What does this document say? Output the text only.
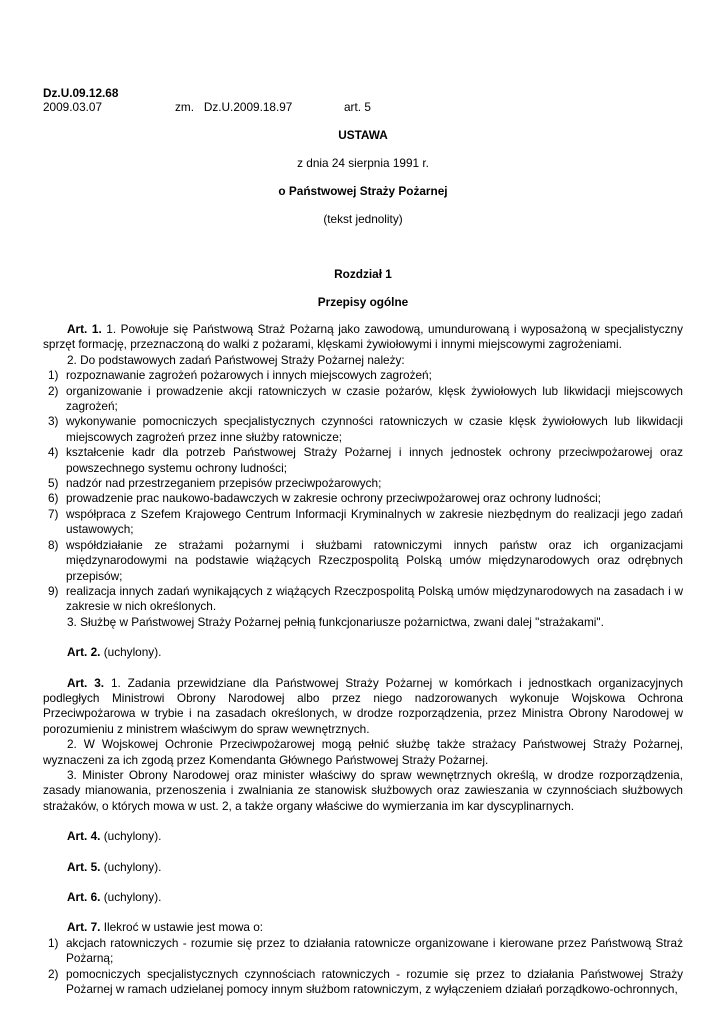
Dz.U.09.12.68
2009.03.07	zm.   Dz.U.2009.18.97	art. 5
USTAWA
z dnia 24 sierpnia 1991 r.
o Państwowej Straży Pożarnej
(tekst jednolity)
Rozdział 1
Przepisy ogólne

Art. 1. 1. Powołuje się Państwową Straż Pożarną jako zawodową, umundurowaną i wyposażoną w specjalistyczny sprzęt formację, przeznaczoną do walki z pożarami, klęskami żywiołowymi i innymi miejscowymi zagrożeniami.

2. Do podstawowych zadań Państwowej Straży Pożarnej należy:

1) rozpoznawanie zagrożeń pożarowych i innych miejscowych zagrożeń;
2) organizowanie i prowadzenie akcji ratowniczych w czasie pożarów, klęsk żywiołowych lub likwidacji miejscowych zagrożeń;
3) wykonywanie pomocniczych specjalistycznych czynności ratowniczych w czasie klęsk żywiołowych lub likwidacji miejscowych zagrożeń przez inne służby ratownicze;
4) kształcenie kadr dla potrzeb Państwowej Straży Pożarnej i innych jednostek ochrony przeciwpożarowej oraz powszechnego systemu ochrony ludności;
5) nadzór nad przestrzeganiem przepisów przeciwpożarowych;
6) prowadzenie prac naukowo-badawczych w zakresie ochrony przeciwpożarowej oraz ochrony ludności;
7) współpraca z Szefem Krajowego Centrum Informacji Kryminalnych w zakresie niezbędnym do realizacji jego zadań ustawowych;
8) współdziałanie ze strażami pożarnymi i służbami ratowniczymi innych państw oraz ich organizacjami międzynarodowymi na podstawie wiążących Rzeczpospolitą Polską umów międzynarodowych oraz odrębnych przepisów;
9) realizacja innych zadań wynikających z wiążących Rzeczpospolitą Polską umów międzynarodowych na zasadach i w zakresie w nich określonych.

3. Służbę w Państwowej Straży Pożarnej pełnią funkcjonariusze pożarnictwa, zwani dalej "strażakami".

Art. 2. (uchylony).

Art. 3. 1. Zadania przewidziane dla Państwowej Straży Pożarnej w komórkach i jednostkach organizacyjnych podległych Ministrowi Obrony Narodowej albo przez niego nadzorowanych wykonuje Wojskowa Ochrona Przeciwpożarowa w trybie i na zasadach określonych, w drodze rozporządzenia, przez Ministra Obrony Narodowej w porozumieniu z ministrem właściwym do spraw wewnętrznych.

2. W Wojskowej Ochronie Przeciwpożarowej mogą pełnić służbę także strażacy Państwowej Straży Pożarnej, wyznaczeni za ich zgodą przez Komendanta Głównego Państwowej Straży Pożarnej.

3. Minister Obrony Narodowej oraz minister właściwy do spraw wewnętrznych określą, w drodze rozporządzenia, zasady mianowania, przenoszenia i zwalniania ze stanowisk służbowych oraz zawieszania w czynnościach służbowych strażaków, o których mowa w ust. 2, a także organy właściwe do wymierzania im kar dyscyplinarnych.

Art. 4. (uchylony).

Art. 5. (uchylony).

Art. 6. (uchylony).

Art. 7. Ilekroć w ustawie jest mowa o:

1) akcjach ratowniczych - rozumie się przez to działania ratownicze organizowane i kierowane przez Państwową Straż Pożarną;
2) pomocniczych specjalistycznych czynnościach ratowniczych - rozumie się przez to działania Państwowej Straży Pożarnej w ramach udzielanej pomocy innym służbom ratowniczym, z wyłączeniem działań porządkowo-ochronnych,
